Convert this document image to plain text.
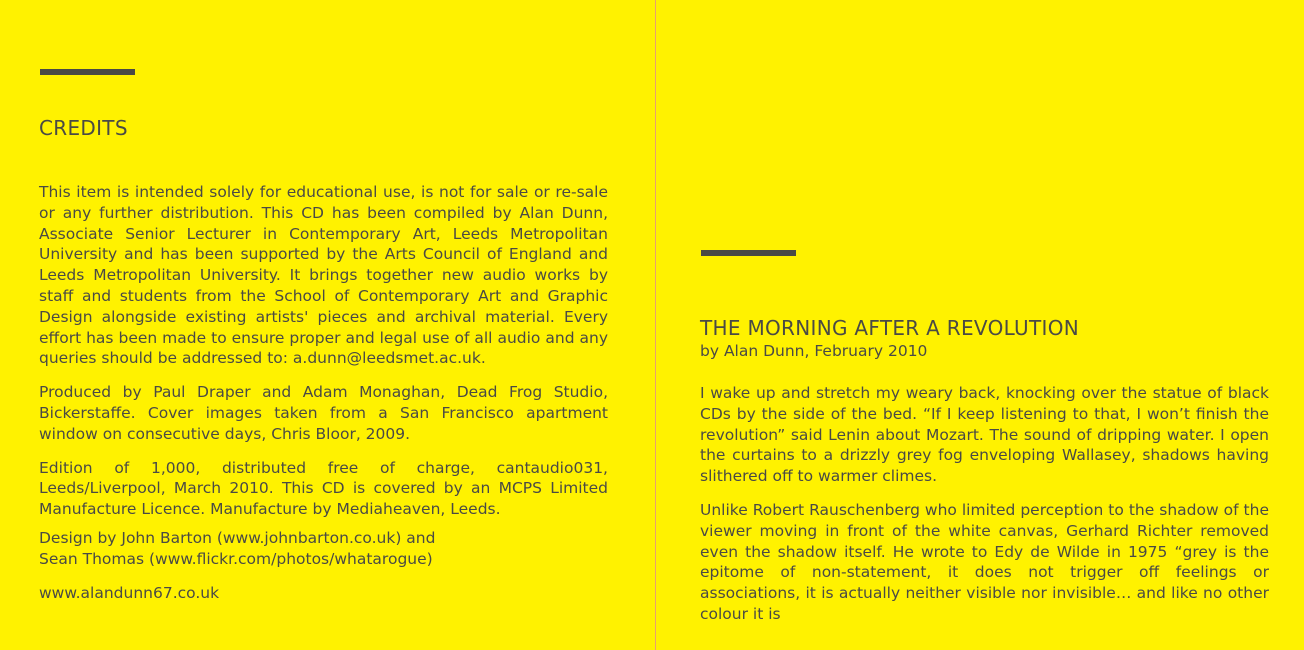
CREDITS

This item is intended solely for educational use, is not for sale or re-sale or any further distribution. This CD has been compiled by Alan Dunn, Associate Senior Lecturer in Contemporary Art, Leeds Metropolitan University and has been supported by the Arts Council of England and Leeds Metropolitan University. It brings together new audio works by staff and students from the School of Contemporary Art and Graphic Design alongside existing artists' pieces and archival material. Every effort has been made to ensure proper and legal use of all audio and any queries should be addressed to: a.dunn@leedsmet.ac.uk.

Produced by Paul Draper and Adam Monaghan, Dead Frog Studio, Bickerstaffe. Cover images taken from a San Francisco apartment window on consecutive days, Chris Bloor, 2009.

Edition of 1,000, distributed free of charge, cantaudio031, Leeds/Liverpool, March 2010. This CD is covered by an MCPS Limited Manufacture Licence. Manufacture by Mediaheaven, Leeds.

Design by John Barton (www.johnbarton.co.uk) and
Sean Thomas (www.flickr.com/photos/whatarogue)

www.alandunn67.co.uk

THE MORNING AFTER A REVOLUTION
by Alan Dunn, February 2010

I wake up and stretch my weary back, knocking over the statue of black CDs by the side of the bed. “If I keep listening to that, I won’t finish the revolution” said Lenin about Mozart. The sound of dripping water. I open the curtains to a drizzly grey fog enveloping Wallasey, shadows having slithered off to warmer climes.

Unlike Robert Rauschenberg who limited perception to the shadow of the viewer moving in front of the white canvas, Gerhard Richter removed even the shadow itself. He wrote to Edy de Wilde in 1975 “grey is the epitome of non-statement, it does not trigger off feelings or associations, it is actually neither visible nor invisible… and like no other colour it is
